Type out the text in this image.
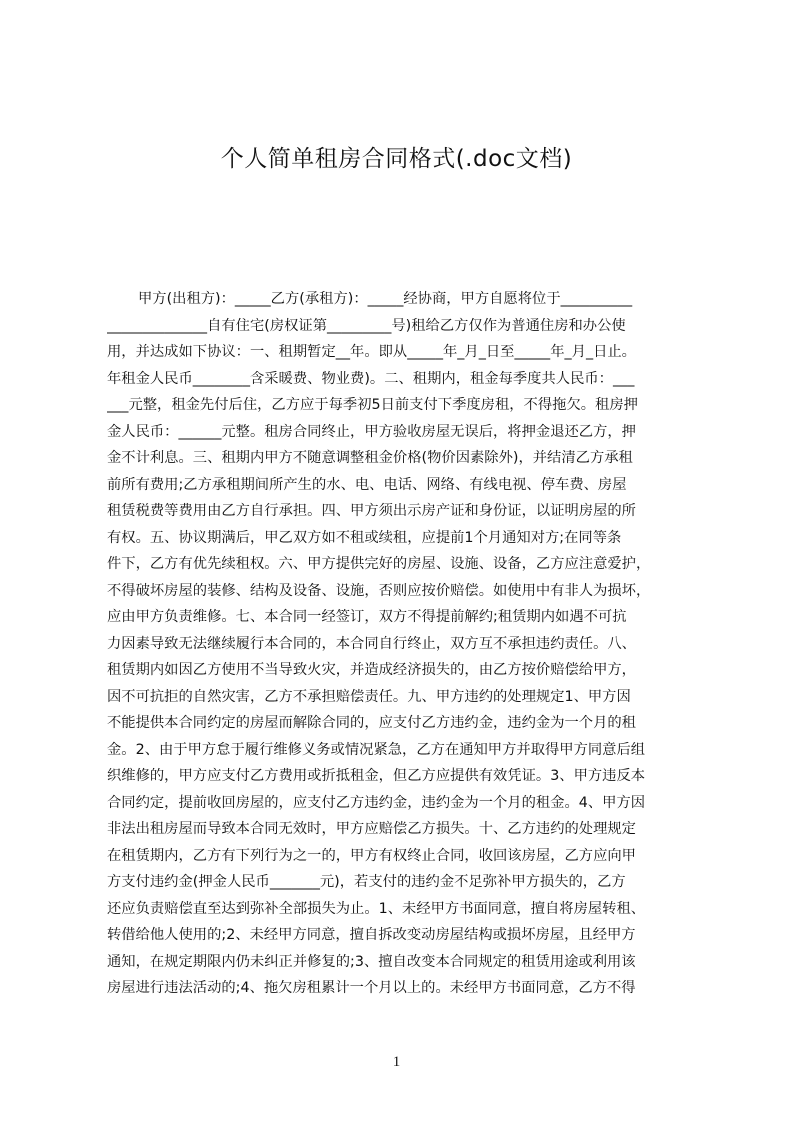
个人简单租房合同格式(.doc文档)

甲方(出租方)：_____乙方(承租方)：_____经协商，甲方自愿将位于__________

______________自有住宅(房权证第_________号)租给乙方仅作为普通住房和办公使

用，并达成如下协议：一、租期暂定__年。即从_____年_月_日至_____年_月_日止。

年租金人民币________含采暖费、物业费)。二、租期内，租金每季度共人民币：___

___元整，租金先付后住，乙方应于每季初5日前支付下季度房租，不得拖欠。租房押

金人民币：______元整。租房合同终止，甲方验收房屋无误后，将押金退还乙方，押

金不计利息。三、租期内甲方不随意调整租金价格(物价因素除外)，并结清乙方承租

前所有费用;乙方承租期间所产生的水、电、电话、网络、有线电视、停车费、房屋

租赁税费等费用由乙方自行承担。四、甲方须出示房产证和身份证，以证明房屋的所

有权。五、协议期满后，甲乙双方如不租或续租，应提前1个月通知对方;在同等条

件下，乙方有优先续租权。六、甲方提供完好的房屋、设施、设备，乙方应注意爱护，

不得破坏房屋的装修、结构及设备、设施，否则应按价赔偿。如使用中有非人为损坏，

应由甲方负责维修。七、本合同一经签订，双方不得提前解约;租赁期内如遇不可抗

力因素导致无法继续履行本合同的，本合同自行终止，双方互不承担违约责任。八、

租赁期内如因乙方使用不当导致火灾，并造成经济损失的，由乙方按价赔偿给甲方，

因不可抗拒的自然灾害，乙方不承担赔偿责任。九、甲方违约的处理规定1、甲方因

不能提供本合同约定的房屋而解除合同的，应支付乙方违约金，违约金为一个月的租

金。2、由于甲方怠于履行维修义务或情况紧急，乙方在通知甲方并取得甲方同意后组

织维修的，甲方应支付乙方费用或折抵租金，但乙方应提供有效凭证。3、甲方违反本

合同约定，提前收回房屋的，应支付乙方违约金，违约金为一个月的租金。4、甲方因

非法出租房屋而导致本合同无效时，甲方应赔偿乙方损失。十、乙方违约的处理规定

在租赁期内，乙方有下列行为之一的，甲方有权终止合同，收回该房屋，乙方应向甲

方支付违约金(押金人民币_______元)，若支付的违约金不足弥补甲方损失的，乙方

还应负责赔偿直至达到弥补全部损失为止。1、未经甲方书面同意，擅自将房屋转租、

转借给他人使用的;2、未经甲方同意，擅自拆改变动房屋结构或损坏房屋，且经甲方

通知，在规定期限内仍未纠正并修复的;3、擅自改变本合同规定的租赁用途或利用该

房屋进行违法活动的;4、拖欠房租累计一个月以上的。未经甲方书面同意，乙方不得

1
